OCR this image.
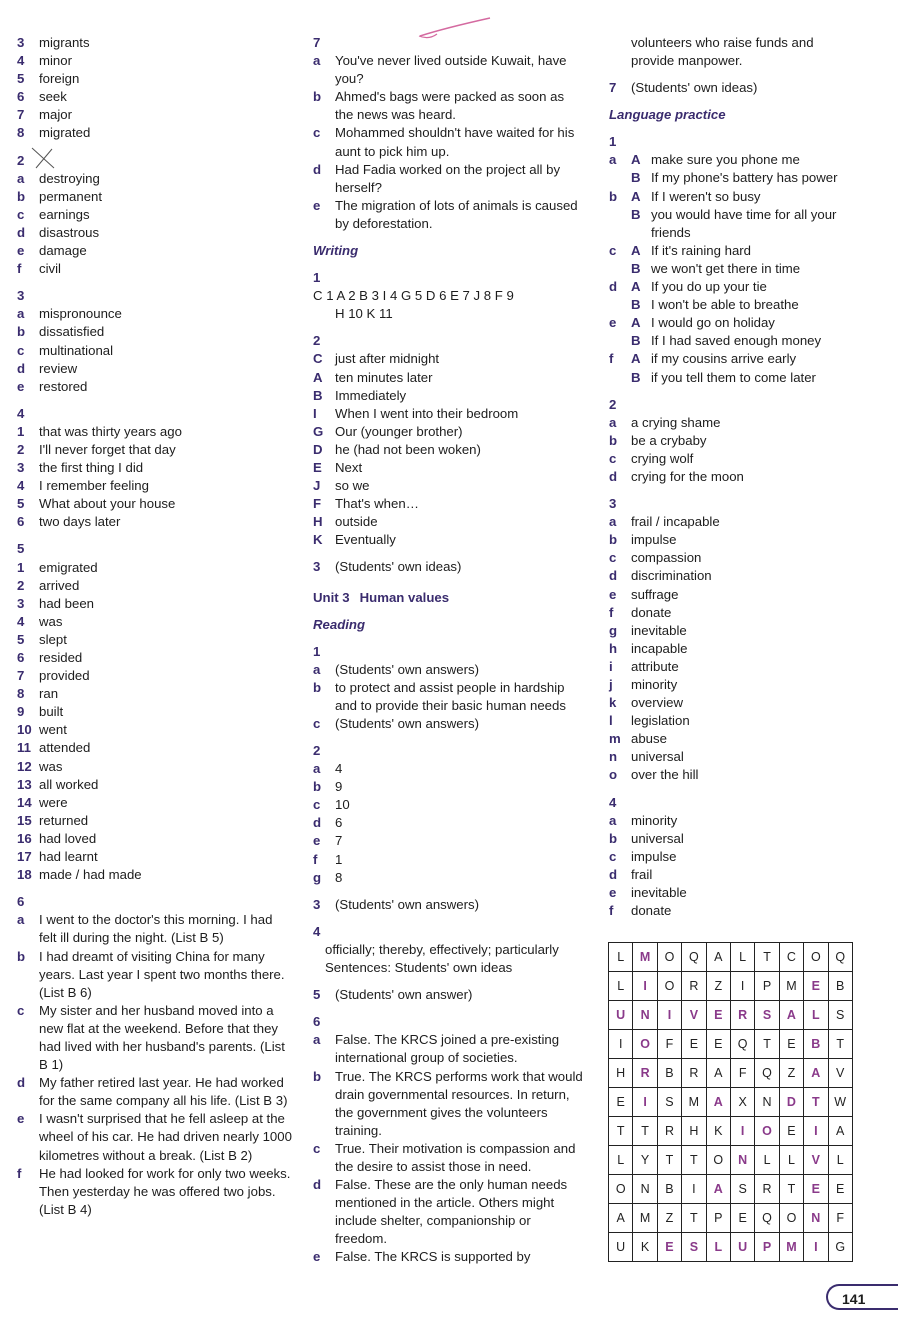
3 migrants
4 minor
5 foreign
6 seek
7 major
8 migrated
2
a destroying
b permanent
c earnings
d disastrous
e damage
f civil
3
a mispronounce
b dissatisfied
c multinational
d review
e restored
4
1 that was thirty years ago
2 I'll never forget that day
3 the first thing I did
4 I remember feeling
5 What about your house
6 two days later
5
1 emigrated
2 arrived
3 had been
4 was
5 slept
6 resided
7 provided
8 ran
9 built
10 went
11 attended
12 was
13 all worked
14 were
15 returned
16 had loved
17 had learnt
18 made / had made
6
a I went to the doctor's this morning. I had felt ill during the night. (List B 5)
b I had dreamt of visiting China for many years. Last year I spent two months there. (List B 6)
c My sister and her husband moved into a new flat at the weekend. Before that they had lived with her husband's parents. (List B 1)
d My father retired last year. He had worked for the same company all his life. (List B 3)
e I wasn't surprised that he fell asleep at the wheel of his car. He had driven nearly 1000 kilometres without a break. (List B 2)
f He had looked for work for only two weeks. Then yesterday he was offered two jobs. (List B 4)
7
a You've never lived outside Kuwait, have you?
b Ahmed's bags were packed as soon as the news was heard.
c Mohammed shouldn't have waited for his aunt to pick him up.
d Had Fadia worked on the project all by herself?
e The migration of lots of animals is caused by deforestation.
Writing
1
C 1 A 2 B 3 I 4 G 5 D 6 E 7 J 8 F 9
H 10 K 11
2
C just after midnight
A ten minutes later
B Immediately
I When I went into their bedroom
G Our (younger brother)
D he (had not been woken)
E Next
J so we
F That's when…
H outside
K Eventually
3 (Students' own ideas)
Unit 3 Human values
Reading
1
a (Students' own answers)
b to protect and assist people in hardship and to provide their basic human needs
c (Students' own answers)
2
a 4
b 9
c 10
d 6
e 7
f 1
g 8
3 (Students' own answers)
4
officially; thereby, effectively; particularly
Sentences: Students' own ideas
5 (Students' own answer)
6
a False. The KRCS joined a pre-existing international group of societies.
b True. The KRCS performs work that would drain governmental resources. In return, the government gives the volunteers training.
c True. Their motivation is compassion and the desire to assist those in need.
d False. These are the only human needs mentioned in the article. Others might include shelter, companionship or freedom.
e False. The KRCS is supported by
volunteers who raise funds and provide manpower.
7 (Students' own ideas)
Language practice
1
a A make sure you phone me
B If my phone's battery has power
b A If I weren't so busy
B you would have time for all your friends
c A If it's raining hard
B we won't get there in time
d A If you do up your tie
B I won't be able to breathe
e A I would go on holiday
B If I had saved enough money
f A if my cousins arrive early
B if you tell them to come later
2
a a crying shame
b be a crybaby
c crying wolf
d crying for the moon
3
a frail / incapable
b impulse
c compassion
d discrimination
e suffrage
f donate
g inevitable
h incapable
i attribute
j minority
k overview
l legislation
m abuse
n universal
o over the hill
4
a minority
b universal
c impulse
d frail
e inevitable
f donate
L	M	O	Q	A	L	T	C	O	Q
L	I	O	R	Z	I	P	M	E	B
U	N	I	V	E	R	S	A	L	S
I	O	F	E	E	Q	T	E	B	T
H	R	B	R	A	F	Q	Z	A	V
E	I	S	M	A	X	N	D	T	W
T	T	R	H	K	I	O	E	I	A
L	Y	T	T	O	N	L	L	V	L
O	N	B	I	A	S	R	T	E	E
A	M	Z	T	P	E	Q	O	N	F
U	K	E	S	L	U	P	M	I	G
141
